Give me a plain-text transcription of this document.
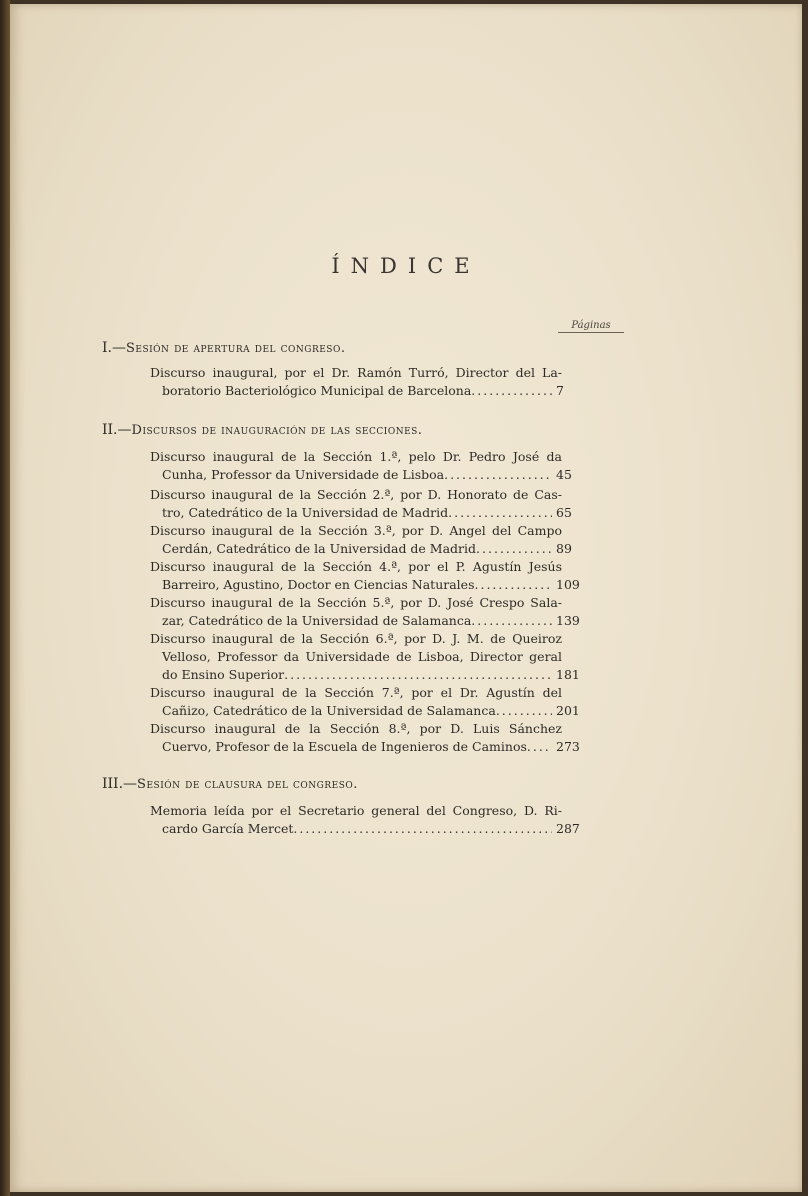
ÍNDICE
Páginas
I.—Sesión de apertura del congreso.
Discurso inaugural, por el Dr. Ramón Turró, Director del La-
boratorio Bacteriológico Municipal de Barcelona .....	7
II.—Discursos de inauguración de las secciones.
Discurso inaugural de la Sección 1.ª, pelo Dr. Pedro José da
Cunha, Professor da Universidade de Lisboa .....	45
Discurso inaugural de la Sección 2.ª, por D. Honorato de Cas-
tro, Catedrático de la Universidad de Madrid .....	65
Discurso inaugural de la Sección 3.ª, por D. Angel del Campo
Cerdán, Catedrático de la Universidad de Madrid .....	89
Discurso inaugural de la Sección 4.ª, por el P. Agustín Jesús
Barreiro, Agustino, Doctor en Ciencias Naturales .....	109
Discurso inaugural de la Sección 5.ª, por D. José Crespo Sala-
zar, Catedrático de la Universidad de Salamanca .....	139
Discurso inaugural de la Sección 6.ª, por D. J. M. de Queiroz
Velloso, Professor da Universidade de Lisboa, Director geral
do Ensino Superior .....	181
Discurso inaugural de la Sección 7.ª, por el Dr. Agustín del
Cañizo, Catedrático de la Universidad de Salamanca .....	201
Discurso inaugural de la Sección 8.ª, por D. Luis Sánchez
Cuervo, Profesor de la Escuela de Ingenieros de Caminos ..... 273
III.—Sesión de clausura del congreso.
Memoria leída por el Secretario general del Congreso, D. Ri-
cardo García Mercet .....	287
